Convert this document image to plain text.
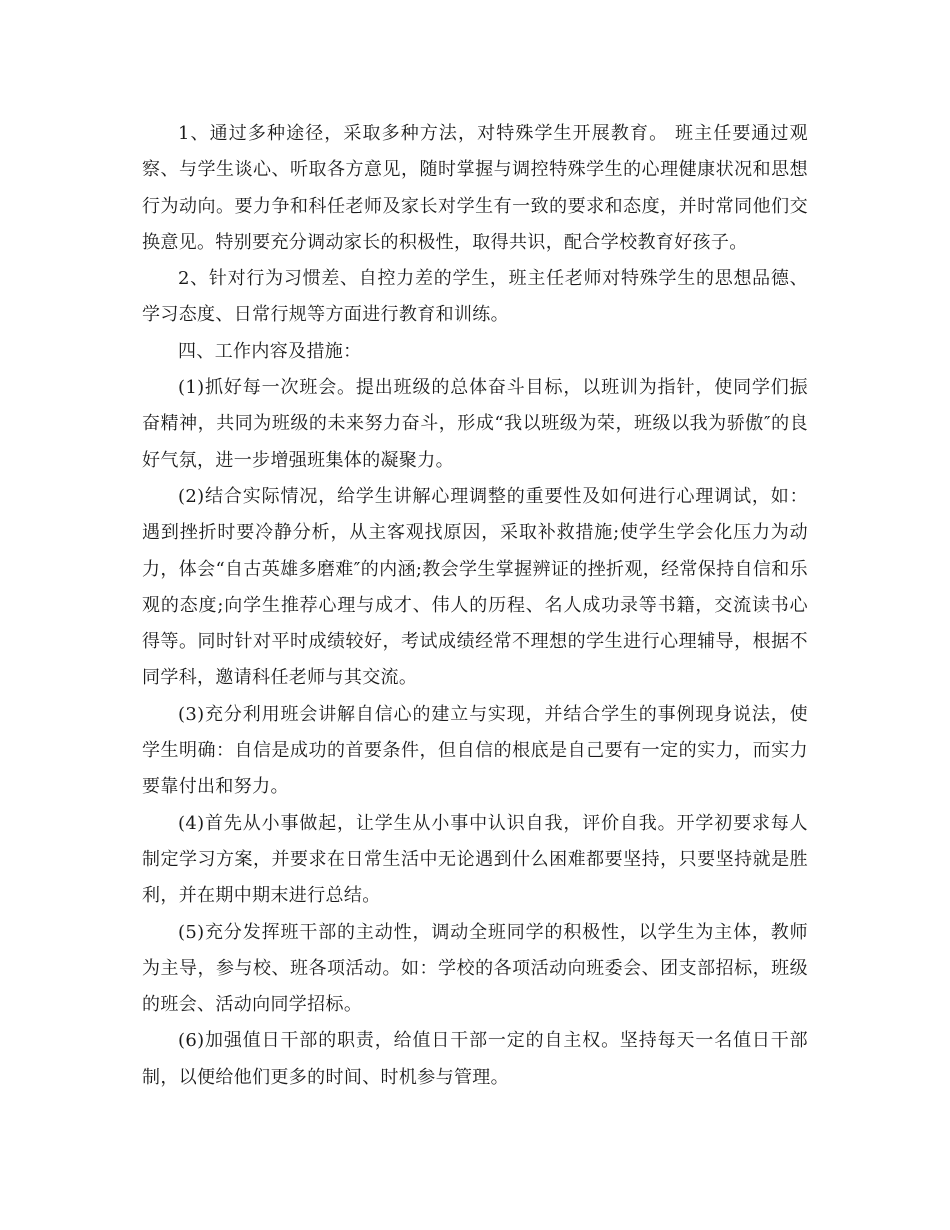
1、通过多种途径，采取多种方法，对特殊学生开展教育。 班主任要通过观察、与学生谈心、听取各方意见，随时掌握与调控特殊学生的心理健康状况和思想行为动向。要力争和科任老师及家长对学生有一致的要求和态度，并时常同他们交换意见。特别要充分调动家长的积极性，取得共识，配合学校教育好孩子。

2、针对行为习惯差、自控力差的学生，班主任老师对特殊学生的思想品德、学习态度、日常行规等方面进行教育和训练。

四、工作内容及措施：

(1)抓好每一次班会。提出班级的总体奋斗目标，以班训为指针，使同学们振奋精神，共同为班级的未来努力奋斗，形成“我以班级为荣，班级以我为骄傲″的良好气氛，进一步增强班集体的凝聚力。

(2)结合实际情况，给学生讲解心理调整的重要性及如何进行心理调试，如：遇到挫折时要冷静分析，从主客观找原因，采取补救措施;使学生学会化压力为动力，体会“自古英雄多磨难″的内涵;教会学生掌握辨证的挫折观，经常保持自信和乐观的态度;向学生推荐心理与成才、伟人的历程、名人成功录等书籍，交流读书心得等。同时针对平时成绩较好，考试成绩经常不理想的学生进行心理辅导，根据不同学科，邀请科任老师与其交流。

(3)充分利用班会讲解自信心的建立与实现，并结合学生的事例现身说法，使学生明确：自信是成功的首要条件，但自信的根底是自己要有一定的实力，而实力要靠付出和努力。

(4)首先从小事做起，让学生从小事中认识自我，评价自我。开学初要求每人制定学习方案，并要求在日常生活中无论遇到什么困难都要坚持，只要坚持就是胜利，并在期中期末进行总结。

(5)充分发挥班干部的主动性，调动全班同学的积极性，以学生为主体，教师为主导，参与校、班各项活动。如：学校的各项活动向班委会、团支部招标，班级的班会、活动向同学招标。

(6)加强值日干部的职责，给值日干部一定的自主权。坚持每天一名值日干部制，以便给他们更多的时间、时机参与管理。
